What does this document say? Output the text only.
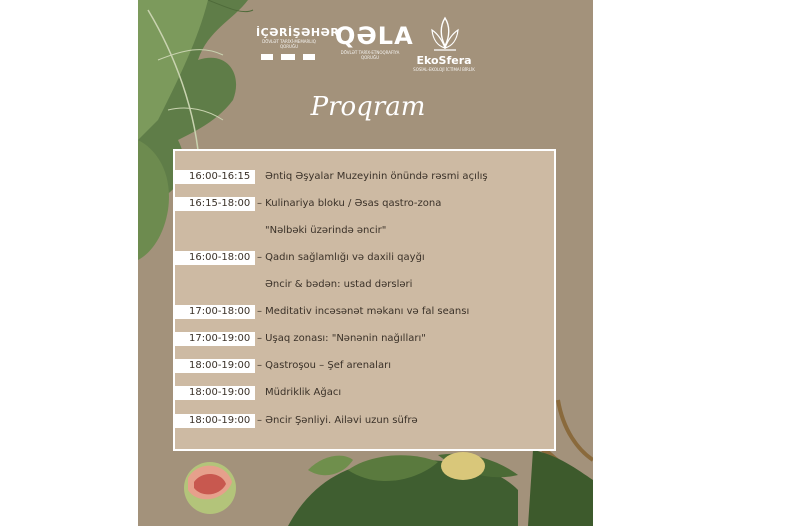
İÇƏRİŞƏHƏR
DÖVLƏT TARİXİ-MEMARLIQ QORUĞU	QƏLA
DÖVLƏT TARİX-ETNOQRAFİYA QORUĞU	EkoSfera
SOSİAL-EKOLOJİ İCTİMAİ BİRLİK
Proqram
16:00-16:15	Əntiq Əşyalar Muzeyinin önündə rəsmi açılış
16:15-18:00 – Kulinariya bloku / Əsas qastro-zona
"Nəlbəki üzərində əncir"
16:00-18:00 – Qadın sağlamlığı və daxili qayğı
Əncir & bədən: ustad dərsləri
17:00-18:00 – Meditativ incəsənət məkanı və fal seansı
17:00-19:00 – Uşaq zonası: "Nənənin nağılları"
18:00-19:00 – Qastroşou – Şef arenaları
18:00-19:00	Müdriklik Ağacı
18:00-19:00 – Əncir Şənliyi. Ailəvi uzun süfrə
